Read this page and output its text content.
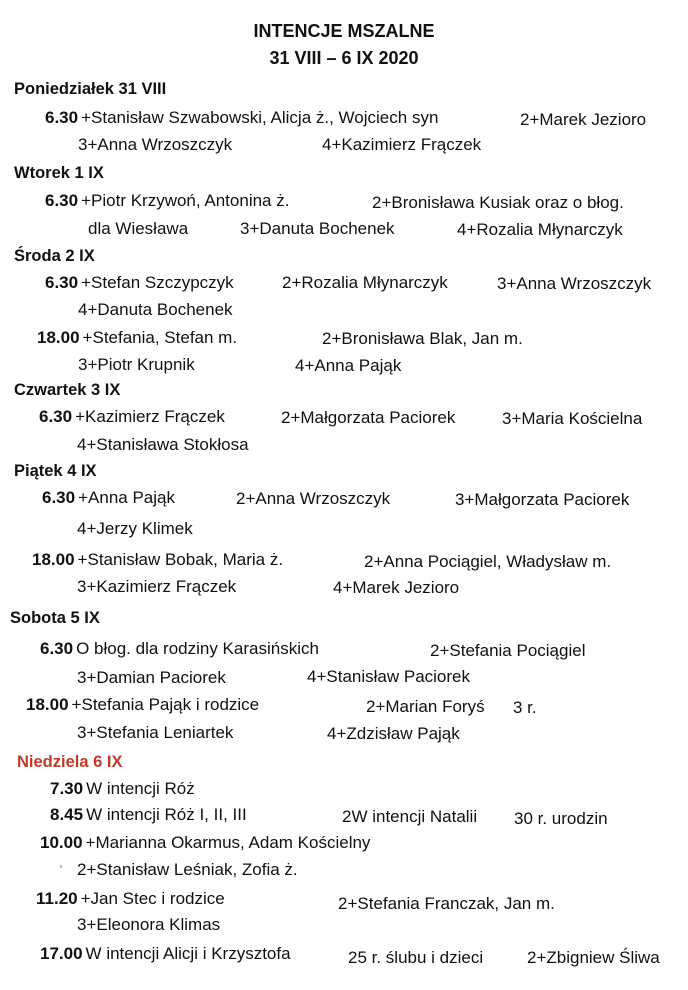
INTENCJE MSZALNE
31 VIII – 6 IX 2020
Poniedziałek 31 VIII
6.30 +Stanisław Szwabowski, Alicja ż., Wojciech syn	2+Marek Jezioro
3+Anna Wrzoszczyk	4+Kazimierz Frączek
Wtorek 1 IX
6.30 +Piotr Krzywoń, Antonina ż.	2+Bronisława Kusiak oraz o błog.
dla Wiesława	3+Danuta Bochenek	4+Rozalia Młynarczyk
Środa 2 IX
6.30 +Stefan Szczypczyk	2+Rozalia Młynarczyk	3+Anna Wrzoszczyk
4+Danuta Bochenek
18.00 +Stefania, Stefan m.	2+Bronisława Blak, Jan m.
3+Piotr Krupnik	4+Anna Pająk
Czwartek 3 IX
6.30 +Kazimierz Frączek	2+Małgorzata Paciorek	3+Maria Kościelna
4+Stanisława Stokłosa
Piątek 4 IX
6.30 +Anna Pająk	2+Anna Wrzoszczyk	3+Małgorzata Paciorek
4+Jerzy Klimek
18.00 +Stanisław Bobak, Maria ż.	2+Anna Pociągiel, Władysław m.
3+Kazimierz Frączek	4+Marek Jezioro
Sobota 5 IX
6.30 O błog. dla rodziny Karasińskich	2+Stefania Pociągiel
3+Damian Paciorek	4+Stanisław Paciorek
18.00 +Stefania Pająk i rodzice	2+Marian Foryś 3 r.
3+Stefania Leniartek	4+Zdzisław Pająk
Niedziela 6 IX
7.30 W intencji Róż
8.45 W intencji Róż I, II, III	2W intencji Natalii 30 r. urodzin
10.00 +Marianna Okarmus, Adam Kościelny
2+Stanisław Leśniak, Zofia ż.
11.20 +Jan Stec i rodzice	2+Stefania Franczak, Jan m.
3+Eleonora Klimas
17.00 W intencji Alicji i Krzysztofa	25 r. ślubu i dzieci	2+Zbigniew Śliwa
